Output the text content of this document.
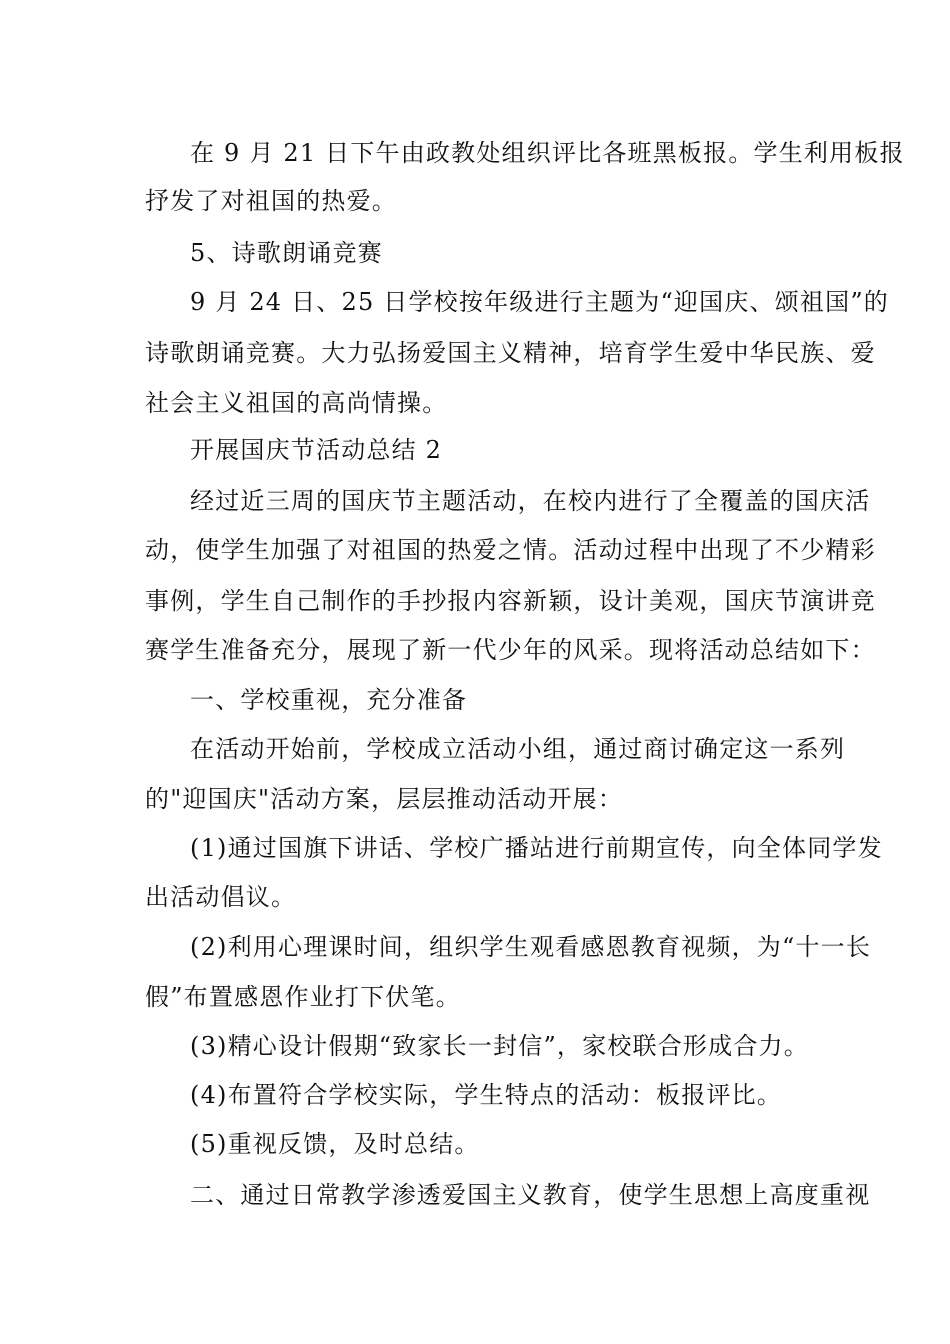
在 9 月 21 日下午由政教处组织评比各班黑板报。学生利用板报

抒发了对祖国的热爱。

5、诗歌朗诵竞赛

9 月 24 日、25 日学校按年级进行主题为“迎国庆、颂祖国”的

诗歌朗诵竞赛。大力弘扬爱国主义精神，培育学生爱中华民族、爱

社会主义祖国的高尚情操。

开展国庆节活动总结 2

经过近三周的国庆节主题活动，在校内进行了全覆盖的国庆活

动，使学生加强了对祖国的热爱之情。活动过程中出现了不少精彩

事例，学生自己制作的手抄报内容新颖，设计美观，国庆节演讲竞

赛学生准备充分，展现了新一代少年的风采。现将活动总结如下：

一、学校重视，充分准备

在活动开始前，学校成立活动小组，通过商讨确定这一系列

的"迎国庆"活动方案，层层推动活动开展：

(1)通过国旗下讲话、学校广播站进行前期宣传，向全体同学发

出活动倡议。

(2)利用心理课时间，组织学生观看感恩教育视频，为“十一长

假”布置感恩作业打下伏笔。

(3)精心设计假期“致家长一封信”，家校联合形成合力。

(4)布置符合学校实际，学生特点的活动：板报评比。

(5)重视反馈，及时总结。

二、通过日常教学渗透爱国主义教育，使学生思想上高度重视
